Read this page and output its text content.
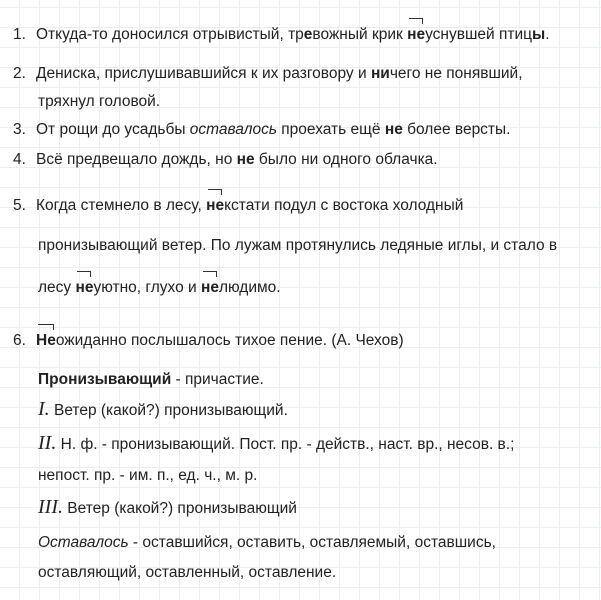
1. Откуда-то доносился отрывистый, тревожный крик неуснувшей птицы.
2. Дениска, прислушивавшийся к их разговору и ничего не понявший,
тряхнул головой.
3. От рощи до усадьбы оставалось проехать ещё не более версты.
4. Всё предвещало дождь, но не было ни одного облачка.
5. Когда стемнело в лесу, некстати подул с востока холодный
пронизывающий ветер. По лужам протянулись ледяные иглы, и стало в
лесу неуютно, глухо и нелюдимо.
6. Неожиданно послышалось тихое пение. (А. Чехов)
Пронизывающий - причастие.
I. Ветер (какой?) пронизывающий.
II. Н. ф. - пронизывающий. Пост. пр. - действ., наст. вр., несов. в.;
непост. пр. - им. п., ед. ч., м. р.
III. Ветер (какой?) пронизывающий
Оставалось - оставшийся, оставить, оставляемый, оставшись,
оставляющий, оставленный, оставление.
